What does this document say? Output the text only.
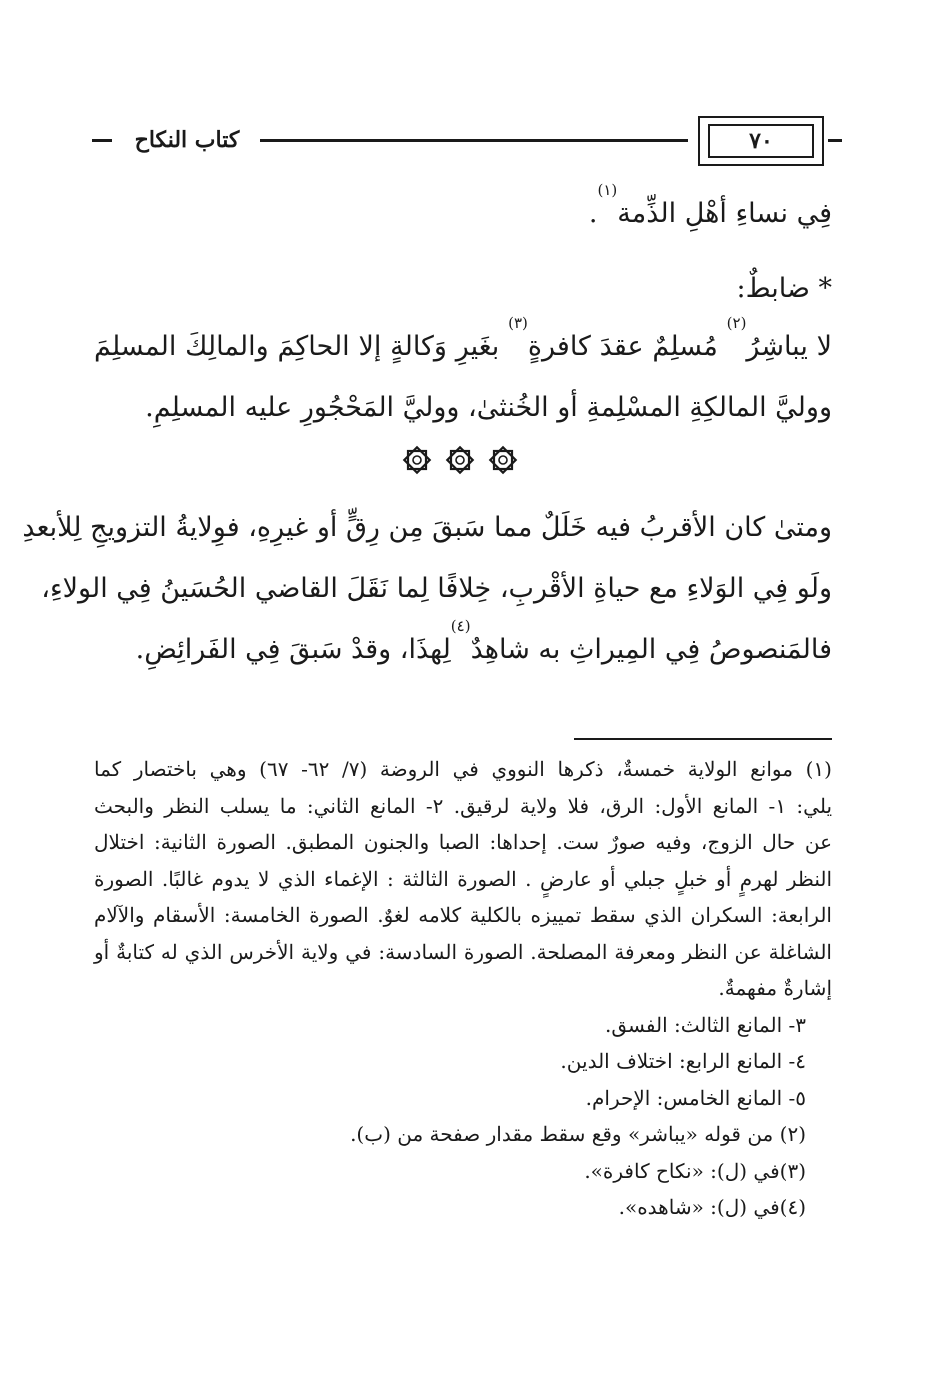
٧٠
كتاب النكاح
فِي نساءِ أهْلِ الذِّمة$^{(١)}$.
* ضابطٌ:
لا يباشِرُ$^{(٢)}$ مُسلِمٌ عقدَ كافرةٍ$^{(٣)}$ بغَيرِ وَكالةٍ إلا الحاكِمَ والمالِكَ المسلِمَ
ووليَّ المالكِةِ المسْلِمةِ أو الخُنثىٰ، ووليَّ المَحْجُورِ عليه المسلِمِ.
ومتىٰ كان الأقربُ فيه خَلَلٌ مما سَبقَ مِن رِقٍّ أو غيرِهِ، فوِلايةُ التزويجِ لِلأبعدِ
ولَو فِي الوَلاءِ مع حياةِ الأقْربِ، خِلافًا لِما نَقَلَ القاضي الحُسَينُ فِي الولاءِ،
فالمَنصوصُ فِي المِيراثِ به شاهِدٌ$^{(٤)}$لِهذَا، وقدْ سَبقَ فِي الفَرائِضِ.
(١) موانع الولاية خمسةٌ، ذكرها النووي في الروضة (٧/ ٦٢- ٦٧) وهي باختصار كما
يلي: ١- المانع الأول: الرق، فلا ولاية لرقيق. ٢- المانع الثاني: ما يسلب النظر والبحث
عن حال الزوج، وفيه صورٌ ست. إحداها: الصبا والجنون المطبق. الصورة الثانية: اختلال
النظر لهرمٍ أو خبلٍ جبلي أو عارضٍ . الصورة الثالثة : الإغماء الذي لا يدوم غالبًا. الصورة
الرابعة: السكران الذي سقط تمييزه بالكلية كلامه لغوٌ. الصورة الخامسة: الأسقام والآلام
الشاغلة عن النظر ومعرفة المصلحة. الصورة السادسة: في ولاية الأخرس الذي له كتابةٌ أو
إشارةٌ مفهمةٌ.
٣- المانع الثالث: الفسق.
٤- المانع الرابع: اختلاف الدين.
٥- المانع الخامس: الإحرام.
(٢) من قوله «يباشر» وقع سقط مقدار صفحة من (ب).
(٣)في (ل): «نكاح كافرة».
(٤)في (ل): «شاهده».
